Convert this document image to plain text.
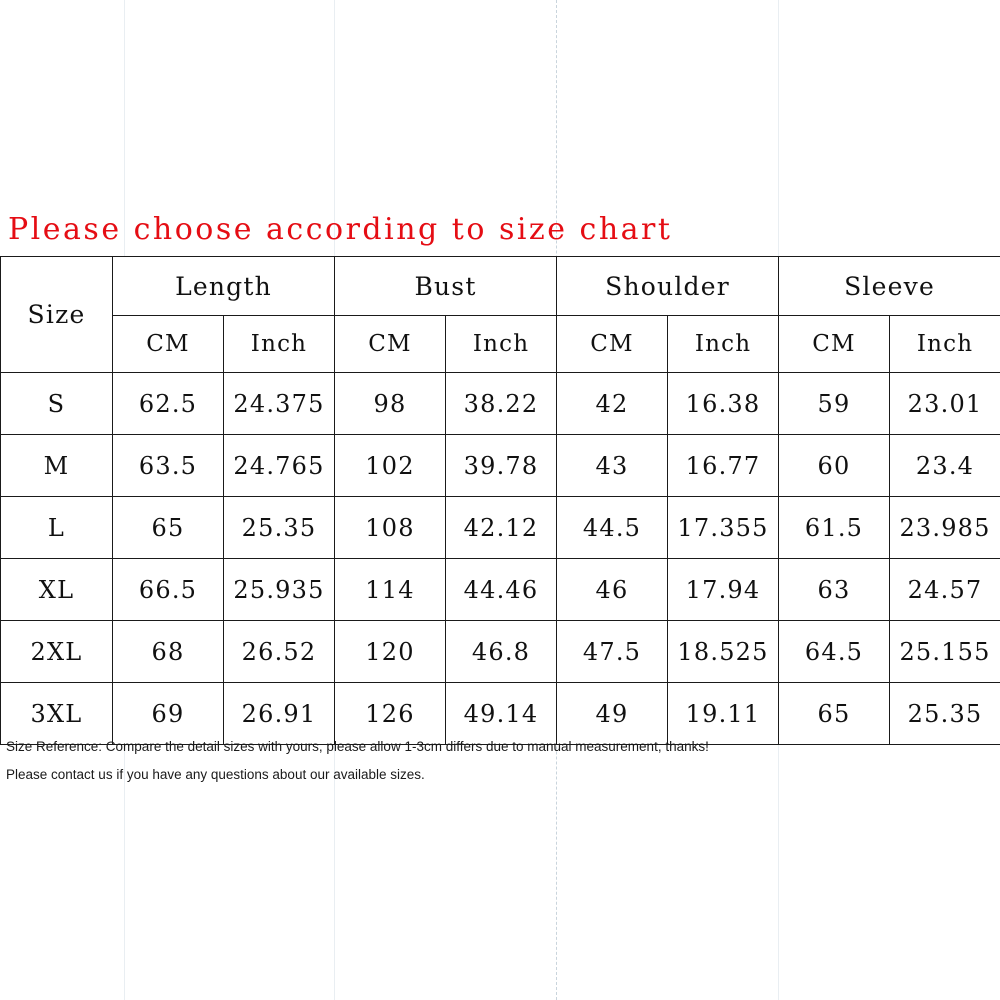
Please choose according to size chart
Size	Length		Bust		Shoulder		Sleeve	
	CM	Inch	CM	Inch	CM	Inch	CM	Inch
S	62.5	24.375	98	38.22	42	16.38	59	23.01
M	63.5	24.765	102	39.78	43	16.77	60	23.4
L	65	25.35	108	42.12	44.5	17.355	61.5	23.985
XL	66.5	25.935	114	44.46	46	17.94	63	24.57
2XL	68	26.52	120	46.8	47.5	18.525	64.5	25.155
3XL	69	26.91	126	49.14	49	19.11	65	25.35
Size Reference: Compare the detail sizes with yours, please allow 1-3cm differs due to manual measurement, thanks!
Please contact us if you have any questions about our available sizes.
